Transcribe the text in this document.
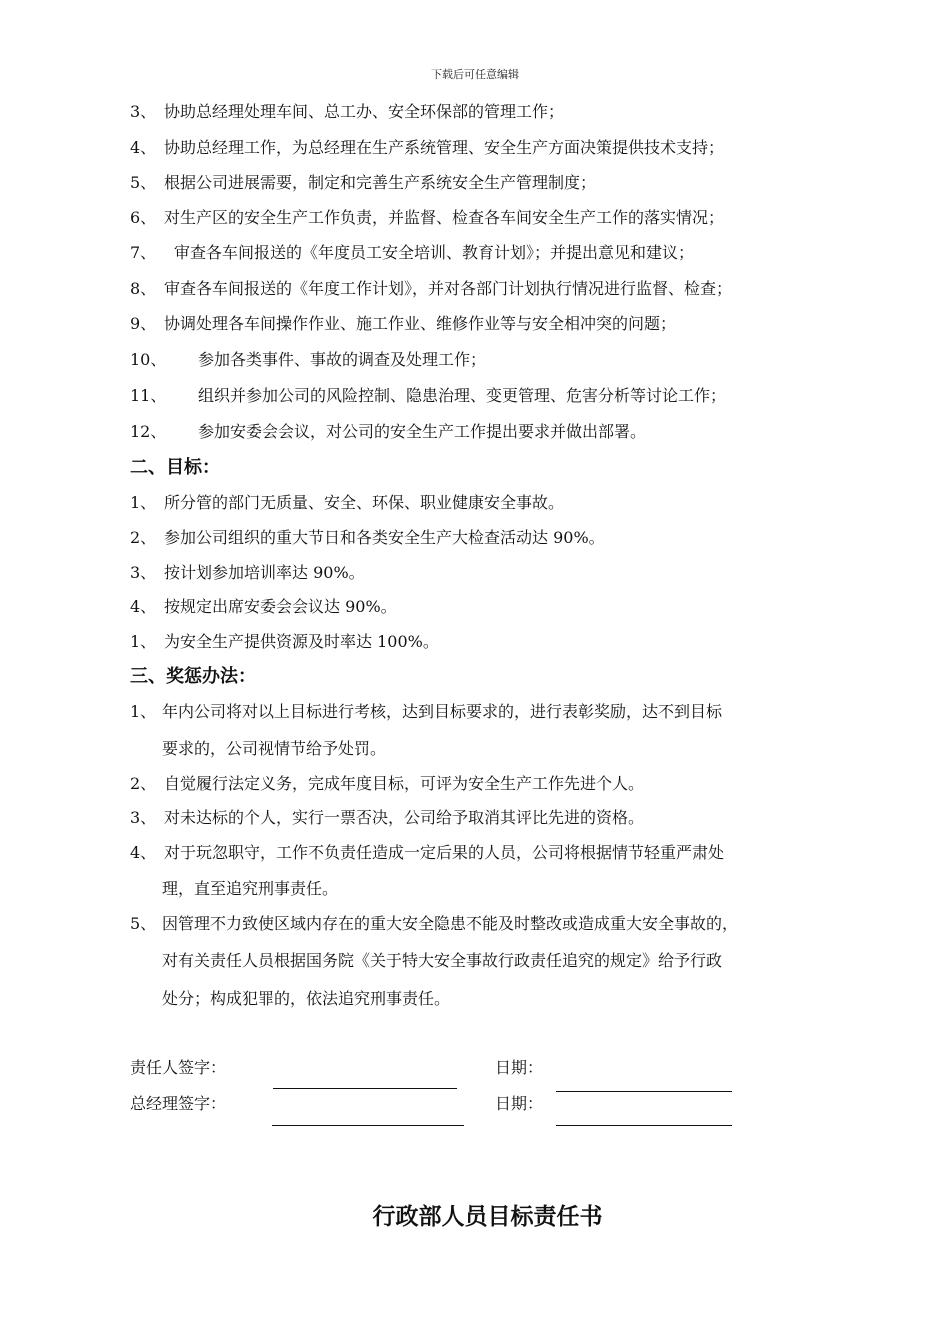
下载后可任意编辑
3、 协助总经理处理车间、总工办、安全环保部的管理工作；
4、 协助总经理工作，为总经理在生产系统管理、安全生产方面决策提供技术支持；
5、 根据公司进展需要，制定和完善生产系统安全生产管理制度；
6、 对生产区的安全生产工作负责，并监督、检查各车间安全生产工作的落实情况；
7、 审查各车间报送的《年度员工安全培训、教育计划》；并提出意见和建议；
8、 审查各车间报送的《年度工作计划》，并对各部门计划执行情况进行监督、检查；
9、 协调处理各车间操作作业、施工作业、维修作业等与安全相冲突的问题；
10、 参加各类事件、事故的调查及处理工作；
11、 组织并参加公司的风险控制、隐患治理、变更管理、危害分析等讨论工作；
12、 参加安委会会议，对公司的安全生产工作提出要求并做出部署。
二、目标：
1、 所分管的部门无质量、安全、环保、职业健康安全事故。
2、 参加公司组织的重大节日和各类安全生产大检查活动达 90%。
3、 按计划参加培训率达 90%。
4、 按规定出席安委会会议达 90%。
1、 为安全生产提供资源及时率达 100%。
三、奖惩办法：
1、 年内公司将对以上目标进行考核，达到目标要求的，进行表彰奖励，达不到目标
要求的，公司视情节给予处罚。
2、 自觉履行法定义务，完成年度目标，可评为安全生产工作先进个人。
3、 对未达标的个人，实行一票否决，公司给予取消其评比先进的资格。
4、 对于玩忽职守，工作不负责任造成一定后果的人员，公司将根据情节轻重严肃处
理，直至追究刑事责任。
5、 因管理不力致使区域内存在的重大安全隐患不能及时整改或造成重大安全事故的，
对有关责任人员根据国务院《关于特大安全事故行政责任追究的规定》给予行政
处分；构成犯罪的，依法追究刑事责任。
责任人签字：	日期：
总经理签字：	日期：
行政部人员目标责任书
